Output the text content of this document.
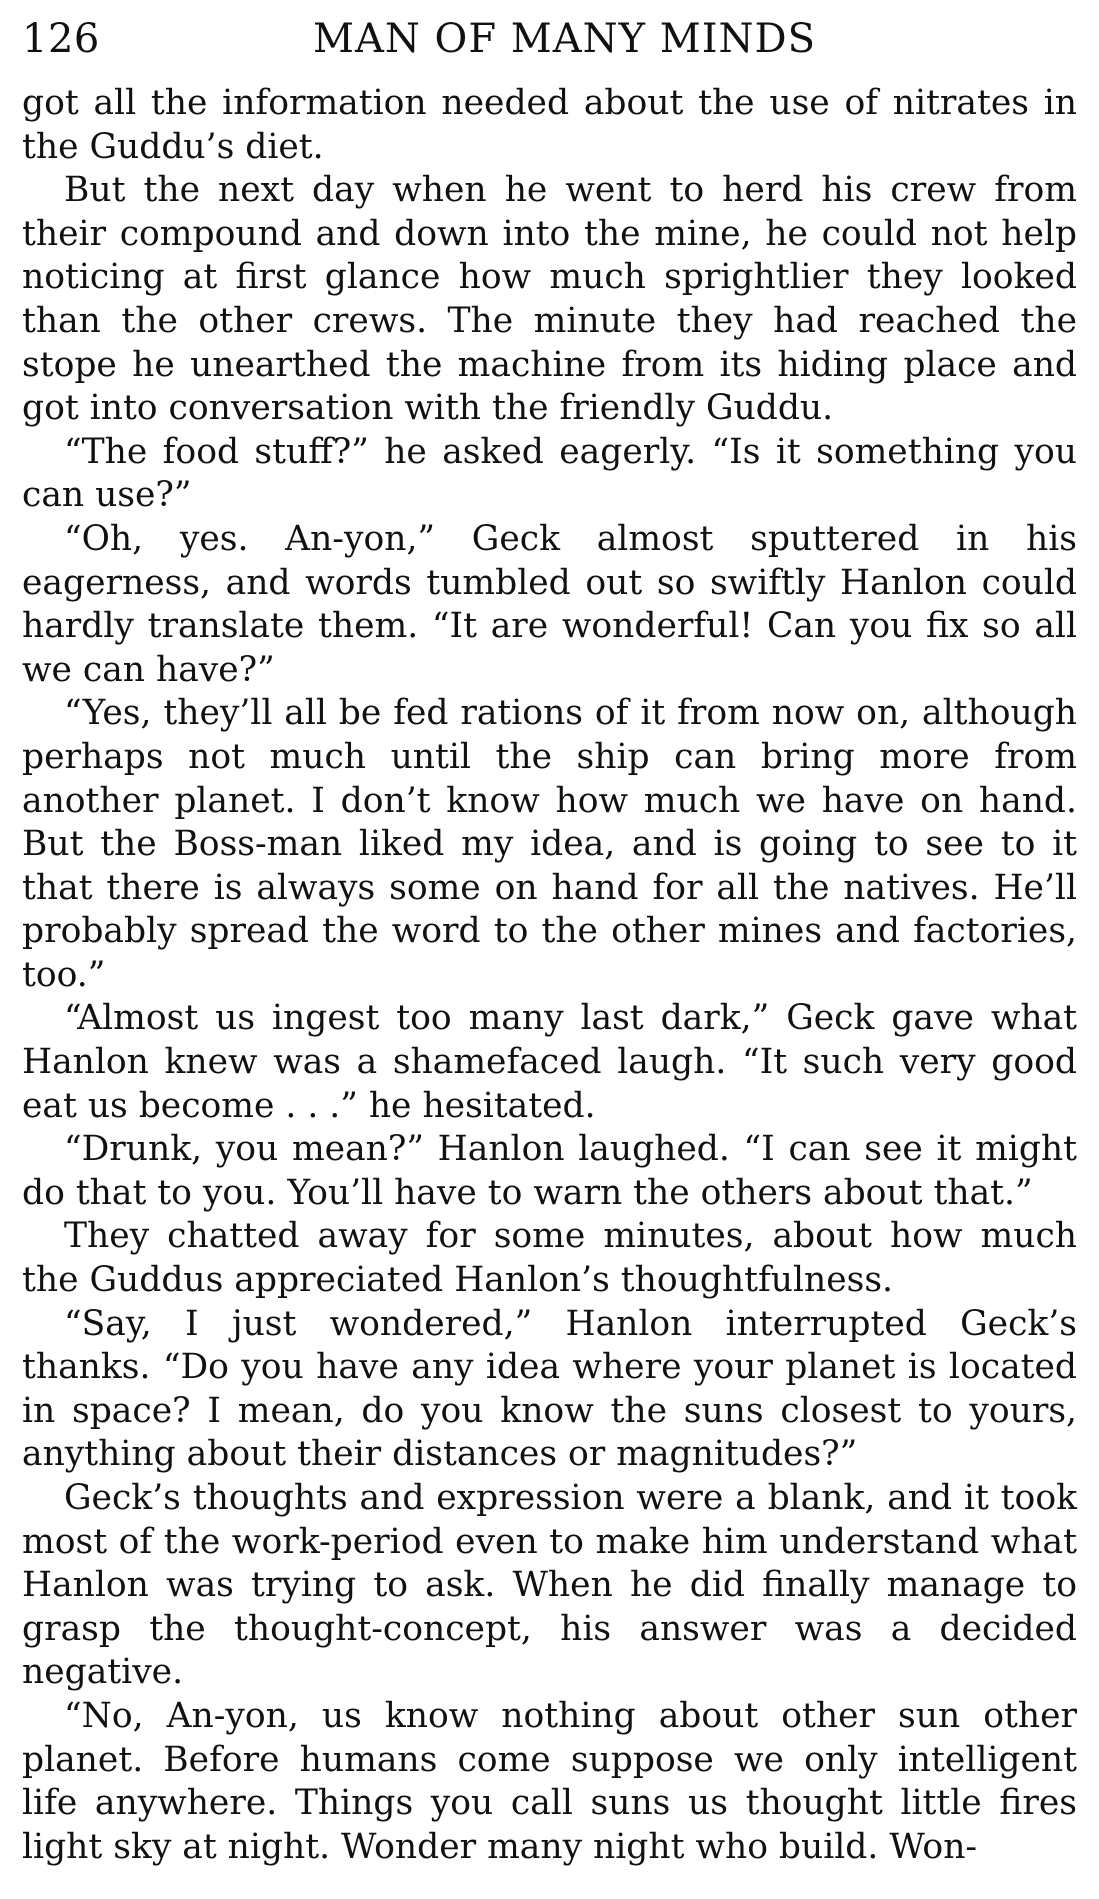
126	MAN OF MANY MINDS

got all the information needed about the use of nitrates in the Guddu’s diet.

But the next day when he went to herd his crew from their compound and down into the mine, he could not help noticing at first glance how much sprightlier they looked than the other crews. The minute they had reached the stope he unearthed the machine from its hiding place and got into conversation with the friendly Guddu.

“The food stuff?” he asked eagerly. “Is it something you can use?”

“Oh, yes. An-yon,” Geck almost sputtered in his eagerness, and words tumbled out so swiftly Hanlon could hardly translate them. “It are wonderful! Can you fix so all we can have?”

“Yes, they’ll all be fed rations of it from now on, although perhaps not much until the ship can bring more from another planet. I don’t know how much we have on hand. But the Boss-man liked my idea, and is going to see to it that there is always some on hand for all the natives. He’ll probably spread the word to the other mines and factories, too.”

“Almost us ingest too many last dark,” Geck gave what Hanlon knew was a shamefaced laugh. “It such very good eat us become . . .” he hesitated.

“Drunk, you mean?” Hanlon laughed. “I can see it might do that to you. You’ll have to warn the others about that.”

They chatted away for some minutes, about how much the Guddus appreciated Hanlon’s thoughtfulness.

“Say, I just wondered,” Hanlon interrupted Geck’s thanks. “Do you have any idea where your planet is located in space? I mean, do you know the suns closest to yours, anything about their distances or magnitudes?”

Geck’s thoughts and expression were a blank, and it took most of the work-period even to make him understand what Hanlon was trying to ask. When he did finally manage to grasp the thought-concept, his answer was a decided negative.

“No, An-yon, us know nothing about other sun other planet. Before humans come suppose we only intelligent life anywhere. Things you call suns us thought little fires light sky at night. Wonder many night who build. Won-
